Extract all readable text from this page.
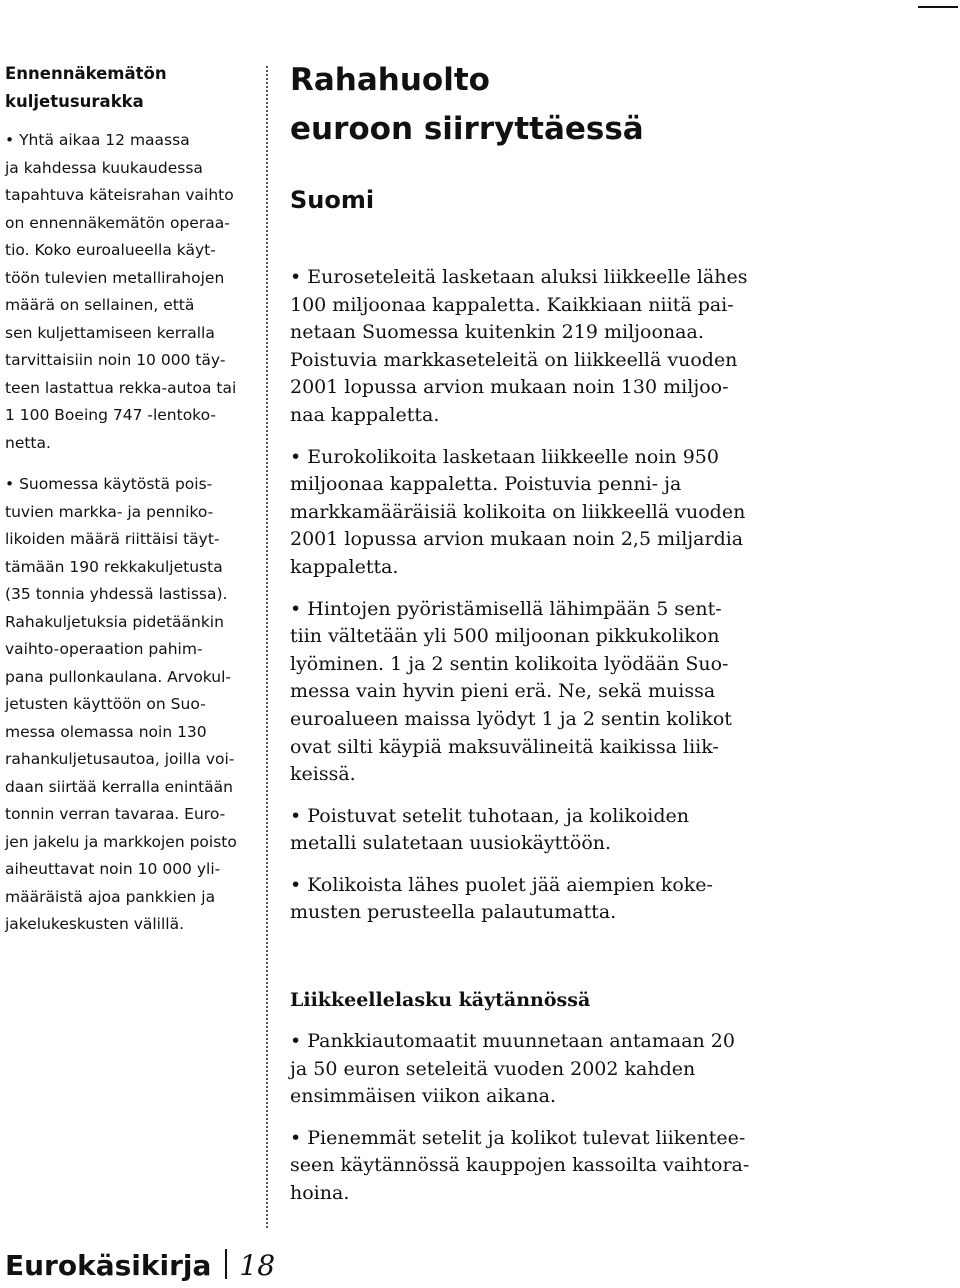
Ennennäkemätön
kuljetusurakka
• Yhtä aikaa 12 maassa
ja kahdessa kuukaudessa
tapahtuva käteisrahan vaihto
on ennennäkemätön operaa-
tio. Koko euroalueella käyt-
töön tulevien metallirahojen
määrä on sellainen, että
sen kuljettamiseen kerralla
tarvittaisiin noin 10 000 täy-
teen lastattua rekka-autoa tai
1 100 Boeing 747 -lentoko-
netta.
• Suomessa käytöstä pois-
tuvien markka- ja penniko-
likoiden määrä riittäisi täyt-
tämään 190 rekkakuljetusta
(35 tonnia yhdessä lastissa).
Rahakuljetuksia pidetäänkin
vaihto-operaation pahim-
pana pullonkaulana. Arvokul-
jetusten käyttöön on Suo-
messa olemassa noin 130
rahankuljetusautoa, joilla voi-
daan siirtää kerralla enintään
tonnin verran tavaraa. Euro-
jen jakelu ja markkojen poisto
aiheuttavat noin 10 000 yli-
määräistä ajoa pankkien ja
jakelukeskusten välillä.
Rahahuolto
euroon siirryttäessä
Suomi
• Euroseteleitä lasketaan aluksi liikkeelle lähes
100 miljoonaa kappaletta. Kaikkiaan niitä pai-
netaan Suomessa kuitenkin 219 miljoonaa.
Poistuvia markkaseteleitä on liikkeellä vuoden
2001 lopussa arvion mukaan noin 130 miljoo-
naa kappaletta.
• Eurokolikoita lasketaan liikkeelle noin 950
miljoonaa kappaletta. Poistuvia penni- ja
markkamääräisiä kolikoita on liikkeellä vuoden
2001 lopussa arvion mukaan noin 2,5 miljardia
kappaletta.
• Hintojen pyöristämisellä lähimpään 5 sent-
tiin vältetään yli 500 miljoonan pikkukolikon
lyöminen. 1 ja 2 sentin kolikoita lyödään Suo-
messa vain hyvin pieni erä. Ne, sekä muissa
euroalueen maissa lyödyt 1 ja 2 sentin kolikot
ovat silti käypiä maksuvälineitä kaikissa liik-
keissä.
• Poistuvat setelit tuhotaan, ja kolikoiden
metalli sulatetaan uusiokäyttöön.
• Kolikoista lähes puolet jää aiempien koke-
musten perusteella palautumatta.
Liikkeellelasku käytännössä
• Pankkiautomaatit muunnetaan antamaan 20
ja 50 euron seteleitä vuoden 2002 kahden
ensimmäisen viikon aikana.
• Pienemmät setelit ja kolikot tulevat liikentee-
seen käytännössä kauppojen kassoilta vaihtora-
hoina.
Eurokäsikirja 18
